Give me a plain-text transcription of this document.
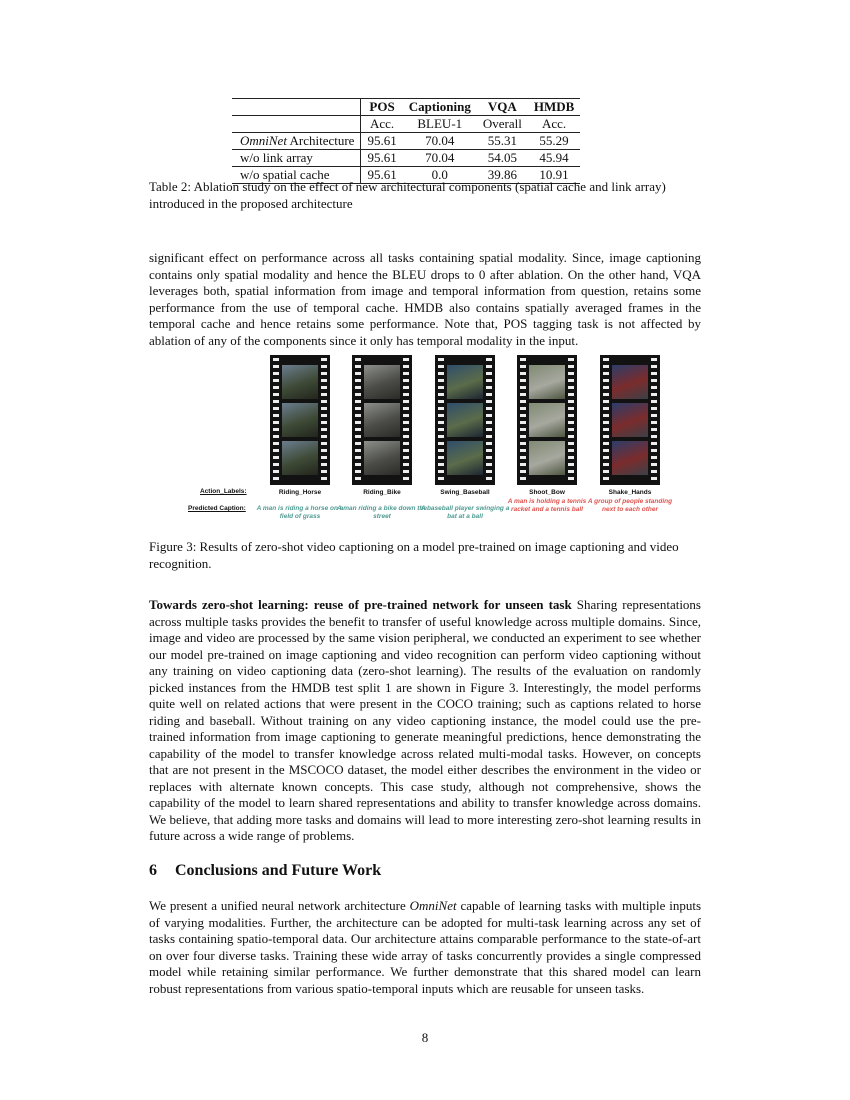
	POS	Captioning	VQA	HMDB
	Acc.	BLEU-1	Overall	Acc.
OmniNet Architecture	95.61	70.04	55.31	55.29
w/o link array	95.61	70.04	54.05	45.94
w/o spatial cache	95.61	0.0	39.86	10.91
Table 2: Ablation study on the effect of new architectural components (spatial cache and link array) introduced in the proposed architecture

significant effect on performance across all tasks containing spatial modality. Since, image captioning contains only spatial modality and hence the BLEU drops to 0 after ablation. On the other hand, VQA leverages both, spatial information from image and temporal information from question, retains some performance from the use of temporal cache. HMDB also contains spatially averaged frames in the temporal cache and hence retains some performance. Note that, POS tagging task is not affected by ablation of any of the components since it only has temporal modality in the input.

Action_Labels:
Predicted Caption:
Riding_Horse
A man is riding a horse on a field of grass
Riding_Bike
A man riding a bike down the street
Swing_Baseball
A baseball player swinging a bat at a ball
Shoot_Bow
A man is holding a tennis racket and a tennis ball
Shake_Hands
A group of people standing next to each other
Figure 3: Results of zero-shot video captioning on a model pre-trained on image captioning and video recognition.

Towards zero-shot learning: reuse of pre-trained network for unseen task Sharing representations across multiple tasks provides the benefit to transfer of useful knowledge across multiple domains. Since, image and video are processed by the same vision peripheral, we conducted an experiment to see whether our model pre-trained on image captioning and video recognition can perform video captioning without any training on video captioning data (zero-shot learning). The results of the evaluation on randomly picked instances from the HMDB test split 1 are shown in Figure 3. Interestingly, the model performs quite well on related actions that were present in the COCO training; such as captions related to horse riding and baseball. Without training on any video captioning instance, the model could use the pre-trained information from image captioning to generate meaningful predictions, hence demonstrating the capability of the model to transfer knowledge across related multi-modal tasks. However, on concepts that are not present in the MSCOCO dataset, the model either describes the environment in the video or replaces with alternate known concepts. This case study, although not comprehensive, shows the capability of the model to learn shared representations and ability to transfer knowledge across domains. We believe, that adding more tasks and domains will lead to more interesting zero-shot learning results in future across a wide range of problems.

6 Conclusions and Future Work

We present a unified neural network architecture OmniNet capable of learning tasks with multiple inputs of varying modalities. Further, the architecture can be adopted for multi-task learning across any set of tasks containing spatio-temporal data. Our architecture attains comparable performance to the state-of-art on over four diverse tasks. Training these wide array of tasks concurrently provides a single compressed model while retaining similar performance. We further demonstrate that this shared model can learn robust representations from various spatio-temporal inputs which are reusable for unseen tasks.

8
